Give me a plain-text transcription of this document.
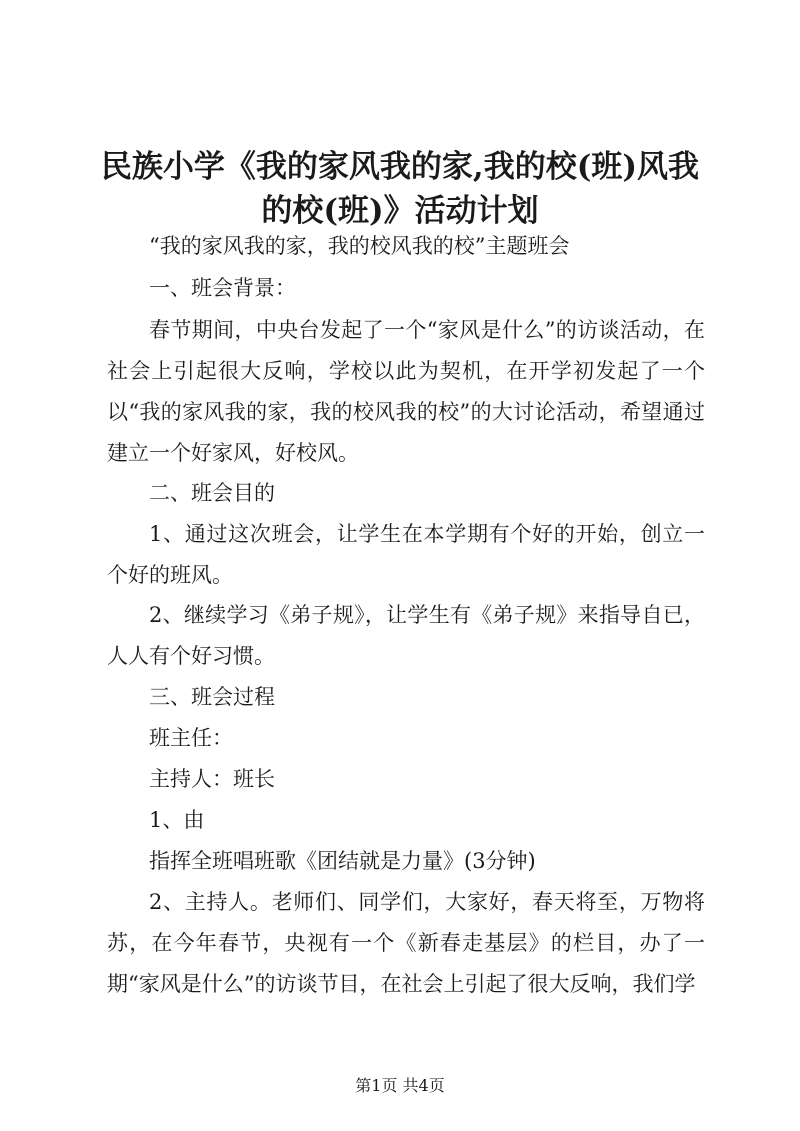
民族小学《我的家风我的家,我的校(班)风我
的校(班)》活动计划
“我的家风我的家，我的校风我的校”主题班会
一、班会背景：
春节期间，中央台发起了一个“家风是什么”的访谈活动，在社会上引起很大反响，学校以此为契机，在开学初发起了一个以“我的家风我的家，我的校风我的校”的大讨论活动，希望通过建立一个好家风，好校风。
二、班会目的
1、通过这次班会，让学生在本学期有个好的开始，创立一个好的班风。
2、继续学习《弟子规》，让学生有《弟子规》来指导自已，人人有个好习惯。
三、班会过程
班主任：
主持人：班长
1、由
指挥全班唱班歌《团结就是力量》(3分钟)
2、主持人。老师们、同学们，大家好，春天将至，万物将苏，在今年春节，央视有一个《新春走基层》的栏目，办了一期“家风是什么”的访谈节目，在社会上引起了很大反响，我们学
第1页 共4页
